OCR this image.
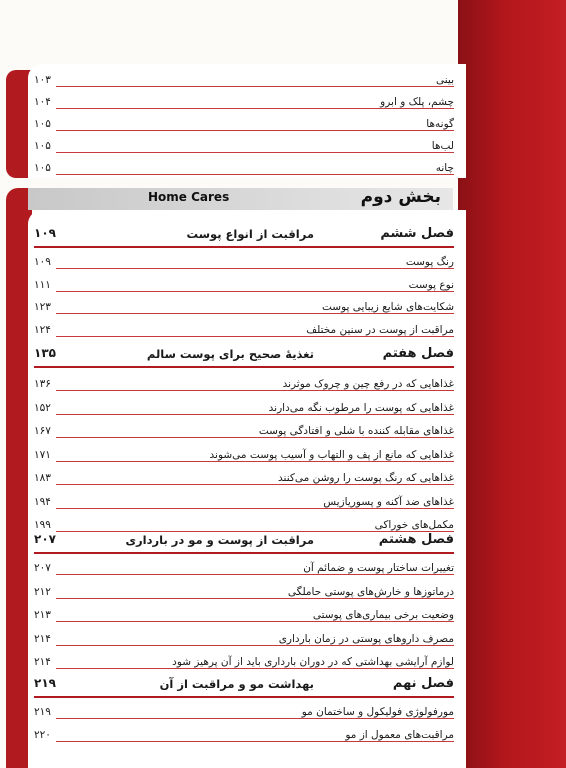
بخش دوم
Home Cares
بینی
۱۰۳
چشم، پلک و ابرو
۱۰۴
گونه‌ها
۱۰۵
لب‌ها
۱۰۵
چانه
۱۰۵
فصل ششم
مراقبت از انواع پوست
۱۰۹
رنگ پوست
۱۰۹
نوع پوست
۱۱۱
شکایت‌های شایع زیبایی پوست
۱۲۳
مراقبت از پوست در سنین مختلف
۱۲۴
فصل هفتم
تغذیهٔ صحیح برای پوست سالم
۱۳۵
غذاهایی که در رفع چین و چروک موثرند
۱۳۶
غذاهایی که پوست را مرطوب نگه می‌دارند
۱۵۲
غذاهای مقابله کننده با شلی و افتادگی پوست
۱۶۷
غذاهایی که مانع از پف و التهاب و آسیب پوست می‌شوند
۱۷۱
غذاهایی که رنگ پوست را روشن می‌کنند
۱۸۳
غذاهای ضد آکنه و پسوریازیس
۱۹۴
مکمل‌های خوراکی
۱۹۹
فصل هشتم
مراقبت از پوست و مو در بارداری
۲۰۷
تغییرات ساختار پوست و ضمائم آن
۲۰۷
درماتوزها و خارش‌های پوستی حاملگی
۲۱۲
وضعیت برخی بیماری‌های پوستی
۲۱۳
مصرف داروهای پوستی در زمان بارداری
۲۱۴
لوازم آرایشی بهداشتی که در دوران بارداری باید از آن پرهیز شود
۲۱۴
فصل نهم
بهداشت مو و مراقبت از آن
۲۱۹
مورفولوژی فولیکول و ساختمان مو
۲۱۹
مراقبت‌های معمول از مو
۲۲۰
